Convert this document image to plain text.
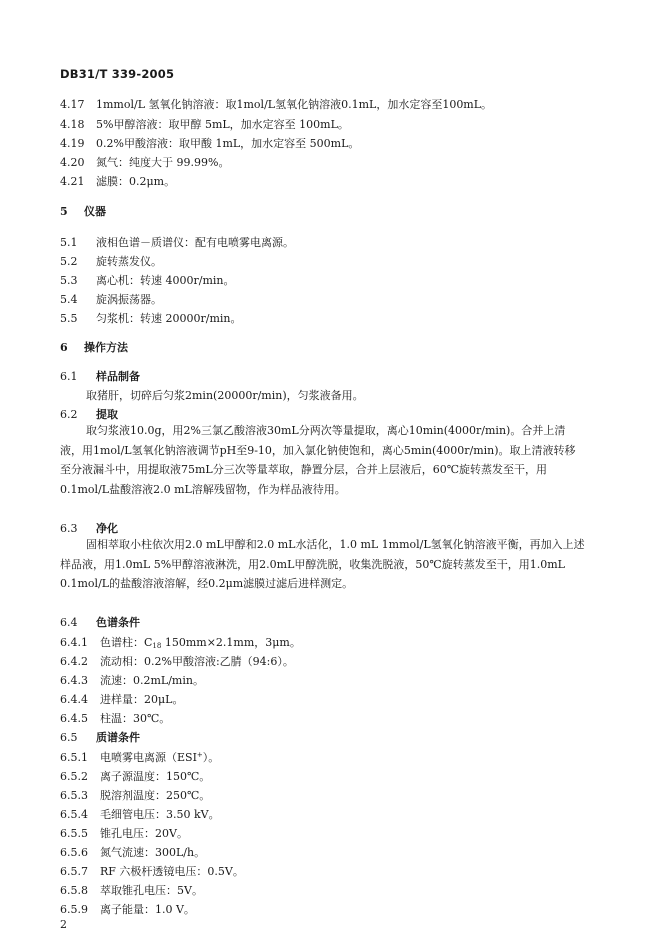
DB31/T 339-2005
4.17 1mmol/L 氢氧化钠溶液：取1mol/L氢氧化钠溶液0.1mL，加水定容至100mL。
4.18 5%甲醇溶液：取甲醇 5mL，加水定容至 100mL。
4.19 0.2%甲酸溶液：取甲酸 1mL，加水定容至 500mL。
4.20 氮气：纯度大于 99.99%。
4.21 滤膜：0.2μm。
5 仪器
5.1 液相色谱－质谱仪：配有电喷雾电离源。
5.2 旋转蒸发仪。
5.3 离心机：转速 4000r/min。
5.4 旋涡振荡器。
5.5 匀浆机：转速 20000r/min。
6 操作方法
6.1 样品制备
取猪肝，切碎后匀浆2min(20000r/min)，匀浆液备用。
6.2 提取
取匀浆液10.0g，用2%三氯乙酸溶液30mL分两次等量提取，离心10min(4000r/min)。合并上清液，用1mol/L氢氧化钠溶液调节pH至9-10，加入氯化钠使饱和，离心5min(4000r/min)。取上清液转移至分液漏斗中，用提取液75mL分三次等量萃取，静置分层，合并上层液后，60℃旋转蒸发至干，用0.1mol/L盐酸溶液2.0 mL溶解残留物，作为样品液待用。
6.3 净化
固相萃取小柱依次用2.0 mL甲醇和2.0 mL水活化，1.0 mL 1mmol/L氢氧化钠溶液平衡，再加入上述样品液，用1.0mL 5%甲醇溶液淋洗，用2.0mL甲醇洗脱，收集洗脱液，50℃旋转蒸发至干，用1.0mL 0.1mol/L的盐酸溶液溶解，经0.2μm滤膜过滤后进样测定。
6.4 色谱条件
6.4.1 色谱柱：$C_{18}$ 150mm×2.1mm，3μm。
6.4.2 流动相：0.2%甲酸溶液:乙腈（94:6）。
6.4.3 流速：0.2mL/min。
6.4.4 进样量：20μL。
6.4.5 柱温：30℃。
6.5 质谱条件
6.5.1 电喷雾电离源（ESI+）。
6.5.2 离子源温度：150℃。
6.5.3 脱溶剂温度：250℃。
6.5.4 毛细管电压：3.50 kV。
6.5.5 锥孔电压：20V。
6.5.6 氮气流速：300L/h。
6.5.7 RF 六极杆透镜电压：0.5V。
6.5.8 萃取锥孔电压：5V。
6.5.9 离子能量：1.0 V。
2
